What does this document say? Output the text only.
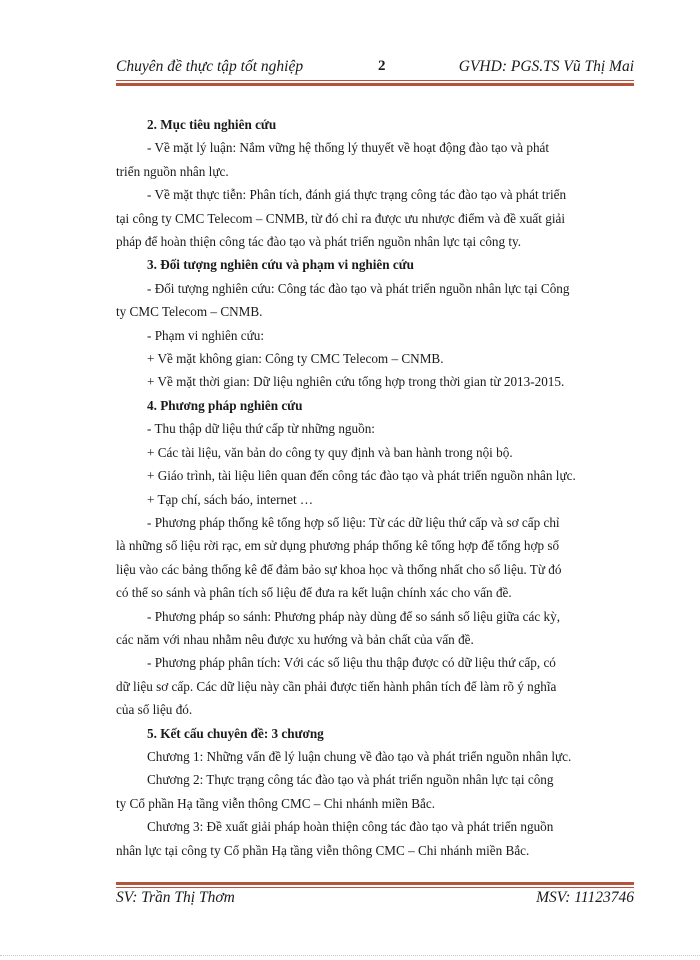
Chuyên đề thực tập tốt nghiệp	2	GVHD: PGS.TS Vũ Thị Mai

2. Mục tiêu nghiên cứu

- Về mặt lý luận: Nắm vững hệ thống lý thuyết về hoạt động đào tạo và phát

triển nguồn nhân lực.

- Về mặt thực tiễn: Phân tích, đánh giá thực trạng công tác đào tạo và phát triển

tại công ty CMC Telecom – CNMB, từ đó chỉ ra được ưu nhược điểm và đề xuất giải

pháp để hoàn thiện công tác đào tạo và phát triển nguồn nhân lực tại công ty.

3. Đối tượng nghiên cứu và phạm vi nghiên cứu

- Đối tượng nghiên cứu: Công tác đào tạo và phát triển nguồn nhân lực tại Công

ty CMC Telecom – CNMB.

- Phạm vi nghiên cứu:

+ Về mặt không gian: Công ty CMC Telecom – CNMB.

+ Về mặt thời gian: Dữ liệu nghiên cứu tổng hợp trong thời gian từ 2013-2015.

4. Phương pháp nghiên cứu

- Thu thập dữ liệu thứ cấp từ những nguồn:

+ Các tài liệu, văn bản do công ty quy định và ban hành trong nội bộ.

+ Giáo trình, tài liệu liên quan đến công tác đào tạo và phát triển nguồn nhân lực.

+ Tạp chí, sách báo, internet …

- Phương pháp thống kê tổng hợp số liệu: Từ các dữ liệu thứ cấp và sơ cấp chỉ

là những số liệu rời rạc, em sử dụng phương pháp thống kê tổng hợp để tổng hợp số

liệu vào các bảng thống kê để đảm bảo sự khoa học và thống nhất cho số liệu. Từ đó

có thể so sánh và phân tích số liệu để đưa ra kết luận chính xác cho vấn đề.

- Phương pháp so sánh: Phương pháp này dùng để so sánh số liệu giữa các kỳ,

các năm với nhau nhằm nêu được xu hướng và bản chất của vấn đề.

- Phương pháp phân tích: Với các số liệu thu thập được có dữ liệu thứ cấp, có

dữ liệu sơ cấp. Các dữ liệu này cần phải được tiến hành phân tích để làm rõ ý nghĩa

của số liệu đó.

5. Kết cấu chuyên đề: 3 chương

Chương 1: Những vấn đề lý luận chung về đào tạo và phát triển nguồn nhân lực.

Chương 2: Thực trạng công tác đào tạo và phát triển nguồn nhân lực tại công

ty Cổ phần Hạ tầng viễn thông CMC – Chi nhánh miền Bắc.

Chương 3: Đề xuất giải pháp hoàn thiện công tác đào tạo và phát triển nguồn

nhân lực tại công ty Cổ phần Hạ tầng viễn thông CMC – Chi nhánh miền Bắc.

SV: Trần Thị Thơm	MSV: 11123746
